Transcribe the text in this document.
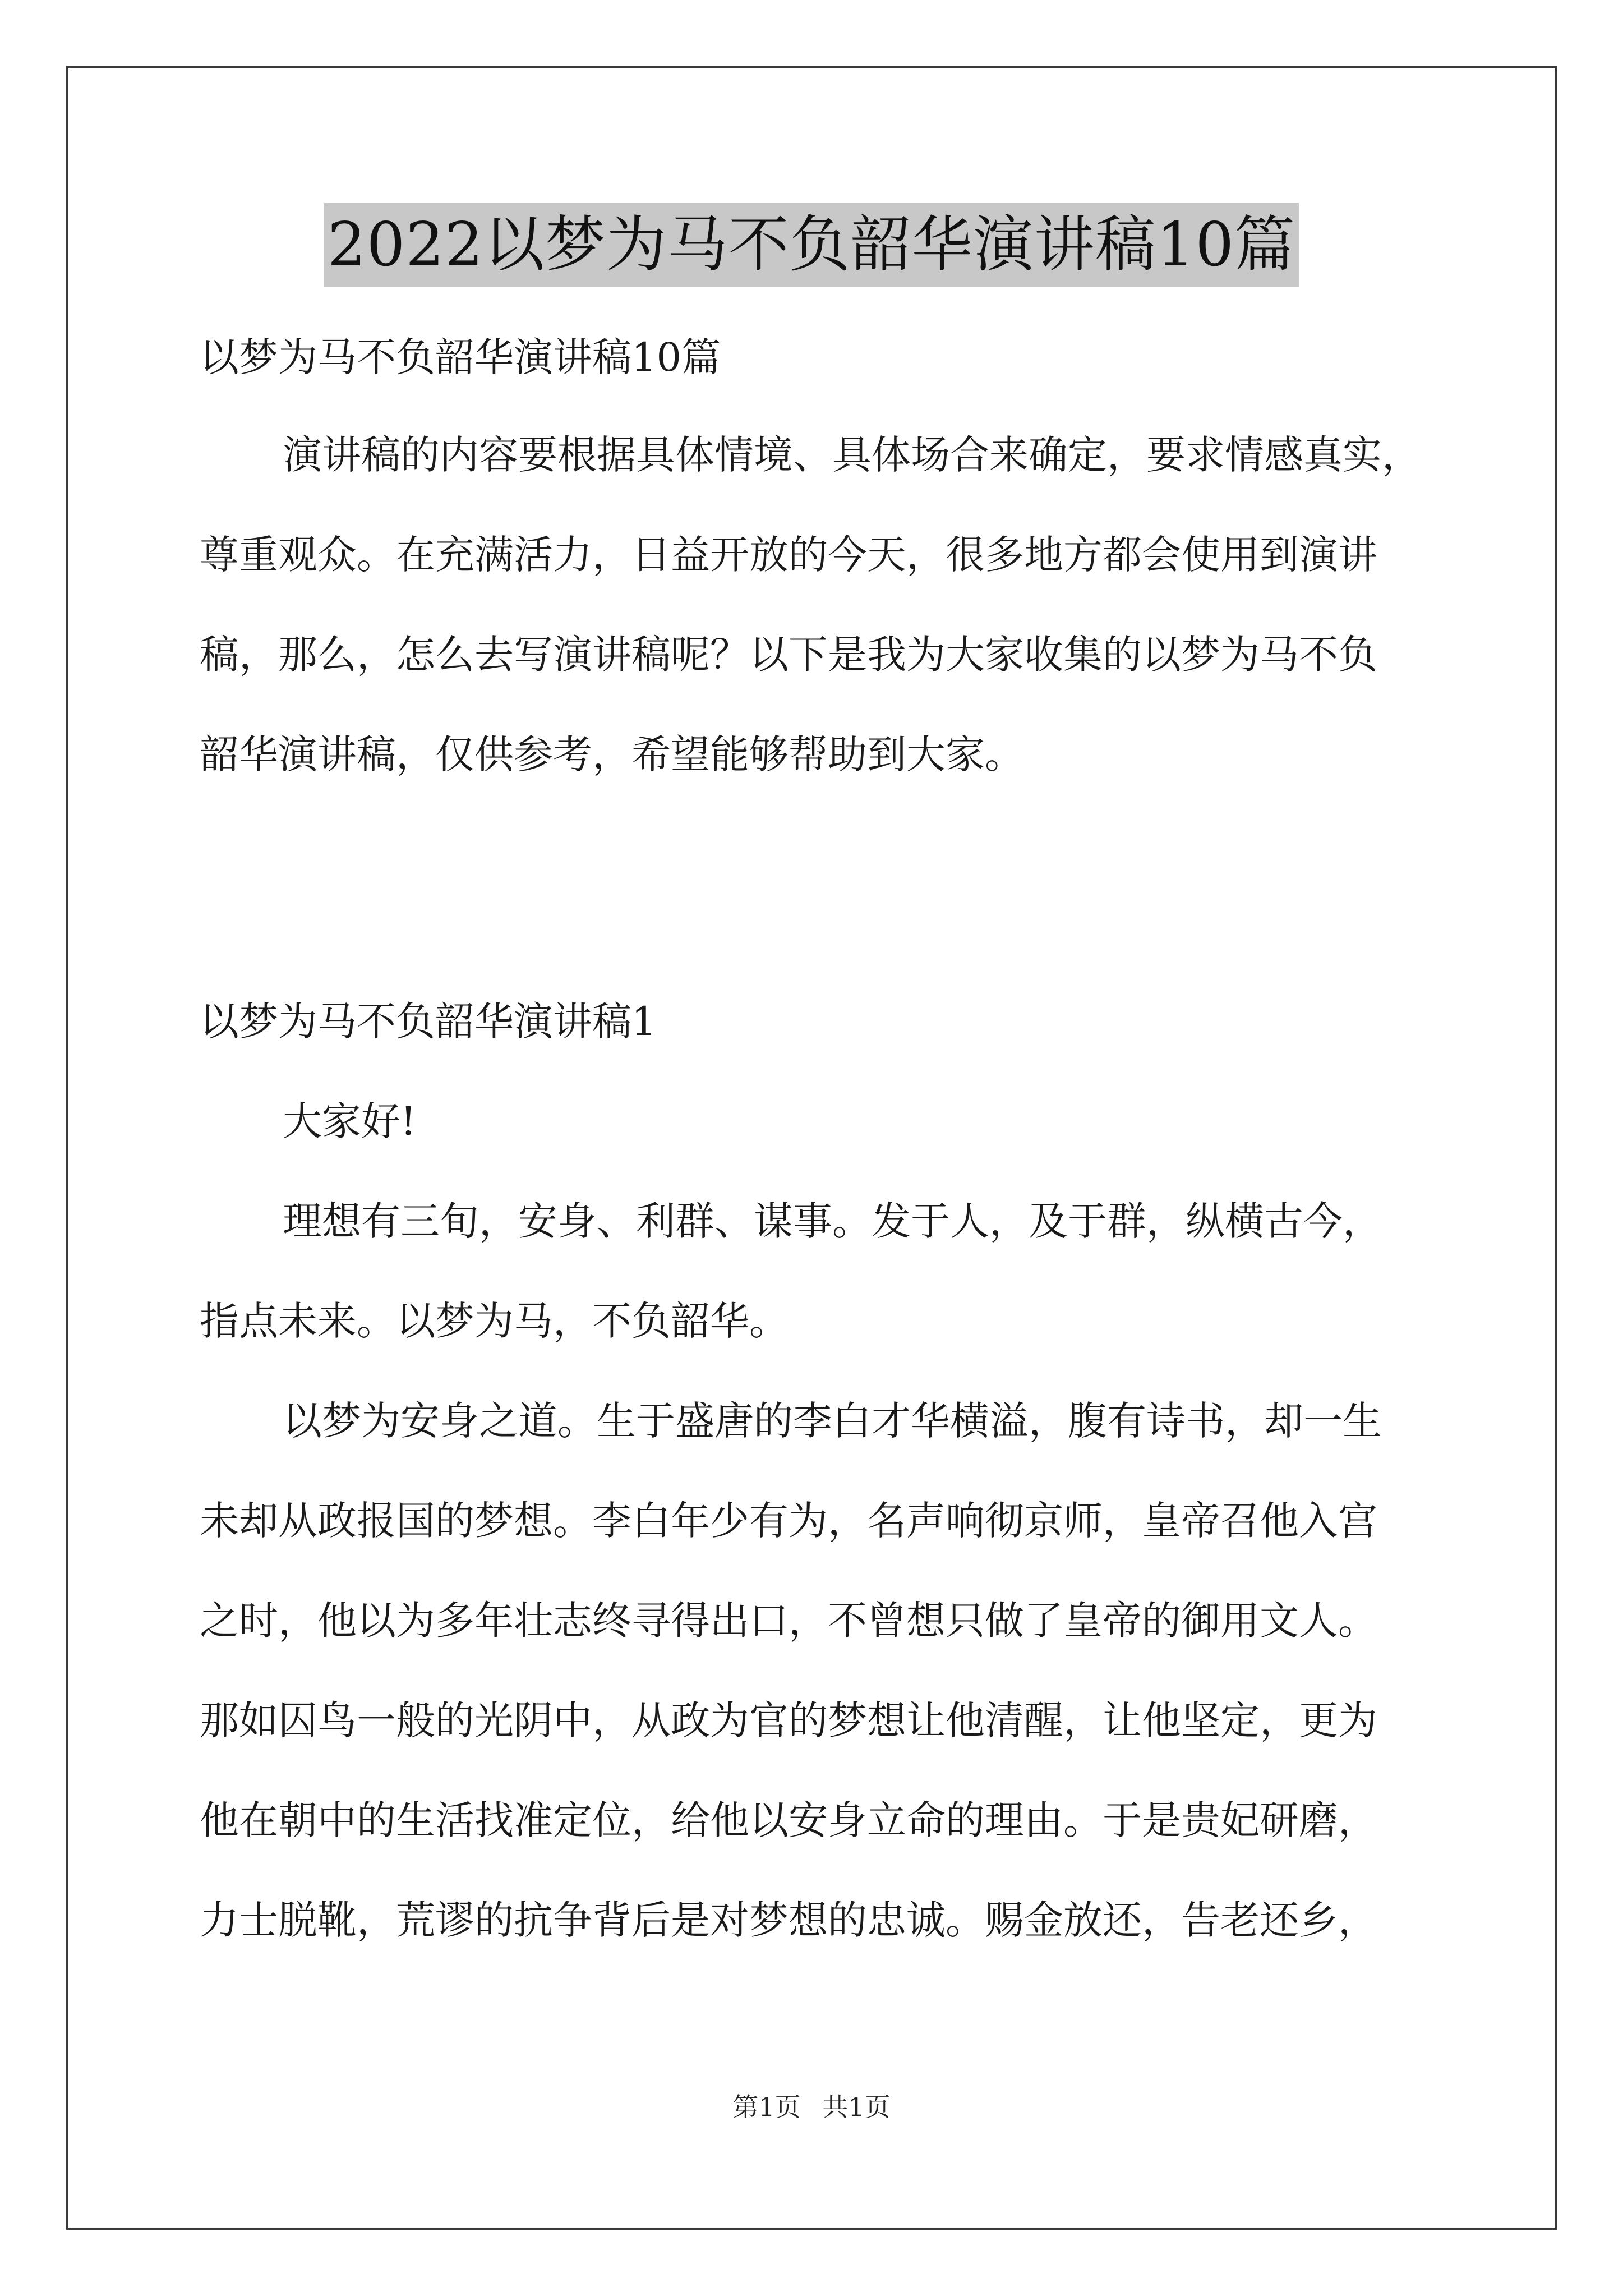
2022以梦为马不负韶华演讲稿10篇

以梦为马不负韶华演讲稿10篇

演讲稿的内容要根据具体情境、具体场合来确定，要求情感真实，

尊重观众。在充满活力，日益开放的今天，很多地方都会使用到演讲

稿，那么，怎么去写演讲稿呢？以下是我为大家收集的以梦为马不负

韶华演讲稿，仅供参考，希望能够帮助到大家。

以梦为马不负韶华演讲稿1

大家好!

理想有三旬，安身、利群、谋事。发于人，及于群，纵横古今，

指点未来。以梦为马，不负韶华。

以梦为安身之道。生于盛唐的李白才华横溢，腹有诗书，却一生

未却从政报国的梦想。李白年少有为，名声响彻京师，皇帝召他入宫

之时，他以为多年壮志终寻得出口，不曾想只做了皇帝的御用文人。

那如囚鸟一般的光阴中，从政为官的梦想让他清醒，让他坚定，更为

他在朝中的生活找准定位，给他以安身立命的理由。于是贵妃研磨，

力士脱靴，荒谬的抗争背后是对梦想的忠诚。赐金放还，告老还乡，

第1页 共1页
